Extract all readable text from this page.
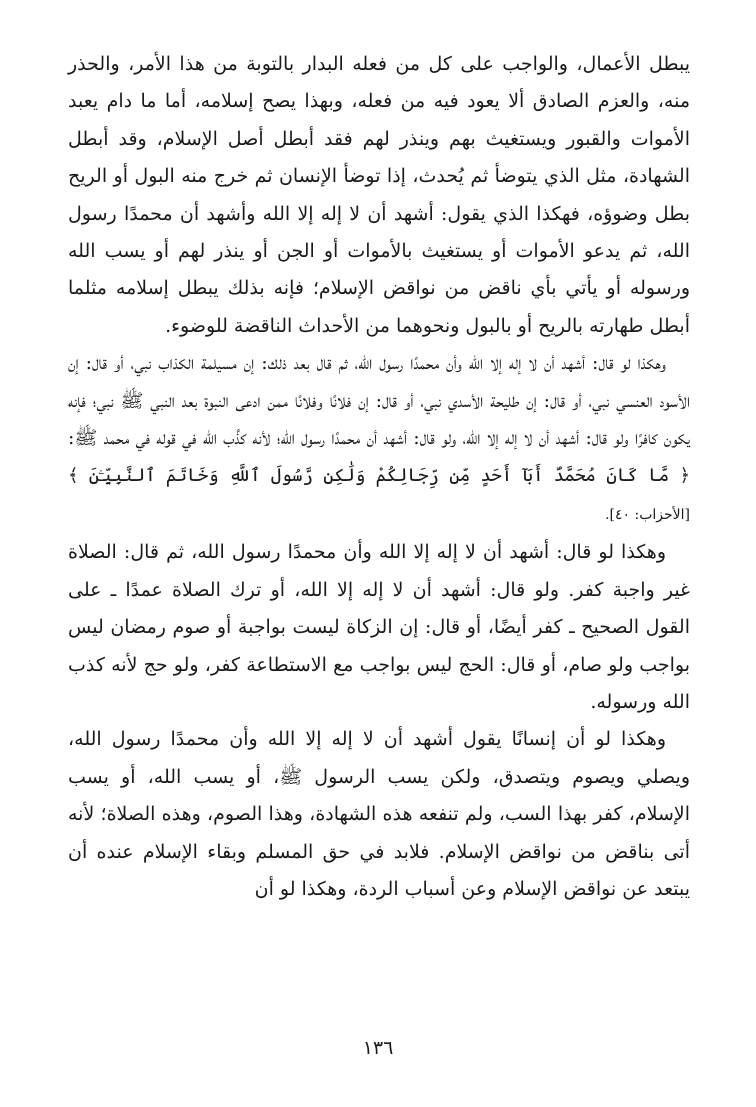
يبطل الأعمال، والواجب على كل من فعله البدار بالتوبة من هذا الأمر، والحذر منه، والعزم الصادق ألا يعود فيه من فعله، وبهذا يصح إسلامه، أما ما دام يعبد الأموات والقبور ويستغيث بهم وينذر لهم فقد أبطل أصل الإسلام، وقد أبطل الشهادة، مثل الذي يتوضأ ثم يُحدث، إذا توضأ الإنسان ثم خرج منه البول أو الريح بطل وضوؤه، فهكذا الذي يقول: أشهد أن لا إله إلا الله وأشهد أن محمدًا رسول الله، ثم يدعو الأموات أو يستغيث بالأموات أو الجن أو ينذر لهم أو يسب الله ورسوله أو يأتي بأي ناقض من نواقض الإسلام؛ فإنه بذلك يبطل إسلامه مثلما أبطل طهارته بالريح أو بالبول ونحوهما من الأحداث الناقضة للوضوء.

وهكذا لو قال: أشهد أن لا إله إلا الله وأن محمدًا رسول الله، ثم قال بعد ذلك: إن مسيلمة الكذاب نبي، أو قال: إن الأسود العنسي نبي، أو قال: إن طليحة الأسدي نبي، أو قال: إن فلانًا وفلانًا ممن ادعى النبوة بعد النبي ﷺ نبي؛ فإنه يكون كافرًا ولو قال: أشهد أن لا إله إلا الله، ولو قال: أشهد أن محمدًا رسول الله؛ لأنه كذَّب الله في قوله في محمد ﷺ: ﴿ مَّا كَانَ مُحَمَّدٌ أَبَآ أَحَدٍ مِّن رِّجَالِكُمْ وَلَٰكِن رَّسُولَ ٱللَّهِ وَخَاتَمَ ٱلنَّبِيِّـۧنَ ﴾ [الأحزاب: ٤٠].

وهكذا لو قال: أشهد أن لا إله إلا الله وأن محمدًا رسول الله، ثم قال: الصلاة غير واجبة كفر. ولو قال: أشهد أن لا إله إلا الله، أو ترك الصلاة عمدًا ـ على القول الصحيح ـ كفر أيضًا، أو قال: إن الزكاة ليست بواجبة أو صوم رمضان ليس بواجب ولو صام، أو قال: الحج ليس بواجب مع الاستطاعة كفر، ولو حج لأنه كذب الله ورسوله.

وهكذا لو أن إنسانًا يقول أشهد أن لا إله إلا الله وأن محمدًا رسول الله، ويصلي ويصوم ويتصدق، ولكن يسب الرسول ﷺ، أو يسب الله، أو يسب الإسلام، كفر بهذا السب، ولم تنفعه هذه الشهادة، وهذا الصوم، وهذه الصلاة؛ لأنه أتى بناقض من نواقض الإسلام. فلابد في حق المسلم وبقاء الإسلام عنده أن يبتعد عن نواقض الإسلام وعن أسباب الردة، وهكذا لو أن

١٣٦
